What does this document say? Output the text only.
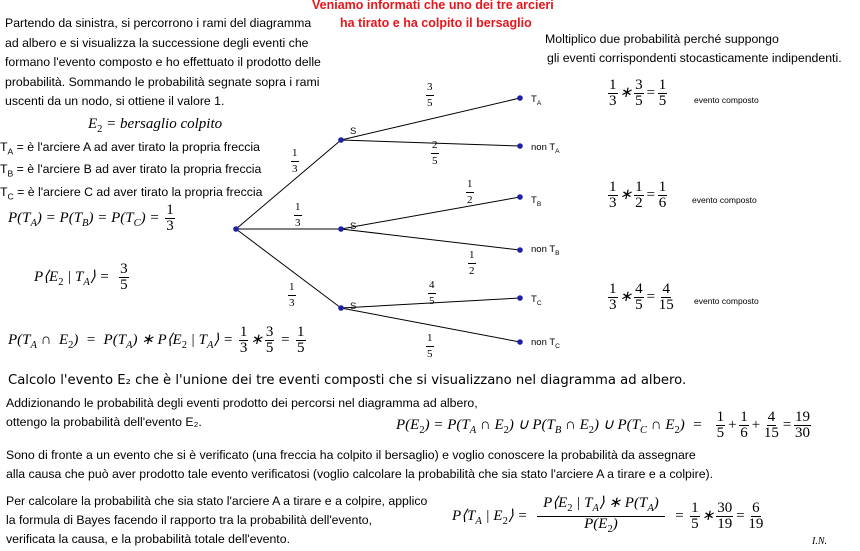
Veniamo informati che uno dei tre arcieri
ha tirato e ha colpito il bersaglio
Partendo da sinistra, si percorrono i rami del diagramma
ad albero e si visualizza la successione degli eventi che
formano l'evento composto e ho effettuato il prodotto delle
probabilità. Sommando le probabilità segnate sopra i rami
uscenti da un nodo, si ottiene il valore 1.
$E_2$ = bersaglio colpito
$T_A$ = è l'arciere A ad aver tirato la propria freccia
$T_B$ = è l'arciere B ad aver tirato la propria freccia
$T_C$ = è l'arciere C ad aver tirato la propria freccia
$P(T_A) = P(T_B) = P(T_C) = \frac{1}{3}$
$P⟨E_2$ | $T_A⟩ = \frac{3}{5}$
$P(T_A$ ∩  $E_2) = P(T_A)$ ∗ $P⟨E_2$ | $T_A⟩ = \frac{1}{3}$ ∗ $\frac{3}{5} = \frac{1}{5}$
S
S
S
$T_A$
non $T_A$
$T_B$
non $T_B$
$T_C$
non $T_C$
$\frac{1}{3}$
$\frac{1}{3}$
$\frac{1}{3}$
$\frac{3}{5}$
$\frac{2}{5}$
$\frac{1}{2}$
$\frac{1}{2}$
$\frac{4}{5}$
$\frac{1}{5}$
Moltiplico due probabilità perché suppongo
gli eventi corrispondenti stocasticamente indipendenti.
$\frac{1}{3}$ ∗ $\frac{3}{5} = \frac{1}{5}$	evento composto
$\frac{1}{3}$ ∗ $\frac{1}{2} = \frac{1}{6}$	evento composto
$\frac{1}{3}$ ∗ $\frac{4}{5} = \frac{4}{15}$ evento composto
Calcolo l'evento E₂ che è l'unione dei tre eventi composti che si visualizzano nel diagramma ad albero.
Addizionando le probabilità degli eventi prodotto dei percorsi nel diagramma ad albero,
ottengo la probabilità dell'evento E₂.	$P(E_2) = P(T_A$ ∩ $E_2$) ∪ $P(T_B$ ∩ $E_2$) ∪ $P(T_C$ ∩ $E_2) = \frac{1}{5} + \frac{1}{6} + \frac{4}{15} = \frac{19}{30}$
Sono di fronte a un evento che si è verificato (una freccia ha colpito il bersaglio) e voglio conoscere la probabilità da assegnare
alla causa che può aver prodotto tale evento verificatosi (voglio calcolare la probabilità che sia stato l'arciere A a tirare e a colpire).
Per calcolare la probabilità che sia stato l'arciere A a tirare e a colpire, applico
la formula di Bayes facendo il rapporto tra la probabilità dell'evento,
verificata la causa, e la probabilità totale dell'evento.
$P⟨T_A$ | $E_2⟩ = \frac{P⟨E_2 | T_A⟩ ∗ P(T_A)}{P(E_2)} = \frac{1}{5}$ ∗ $\frac{30}{19} = \frac{6}{19}$
I.N.
